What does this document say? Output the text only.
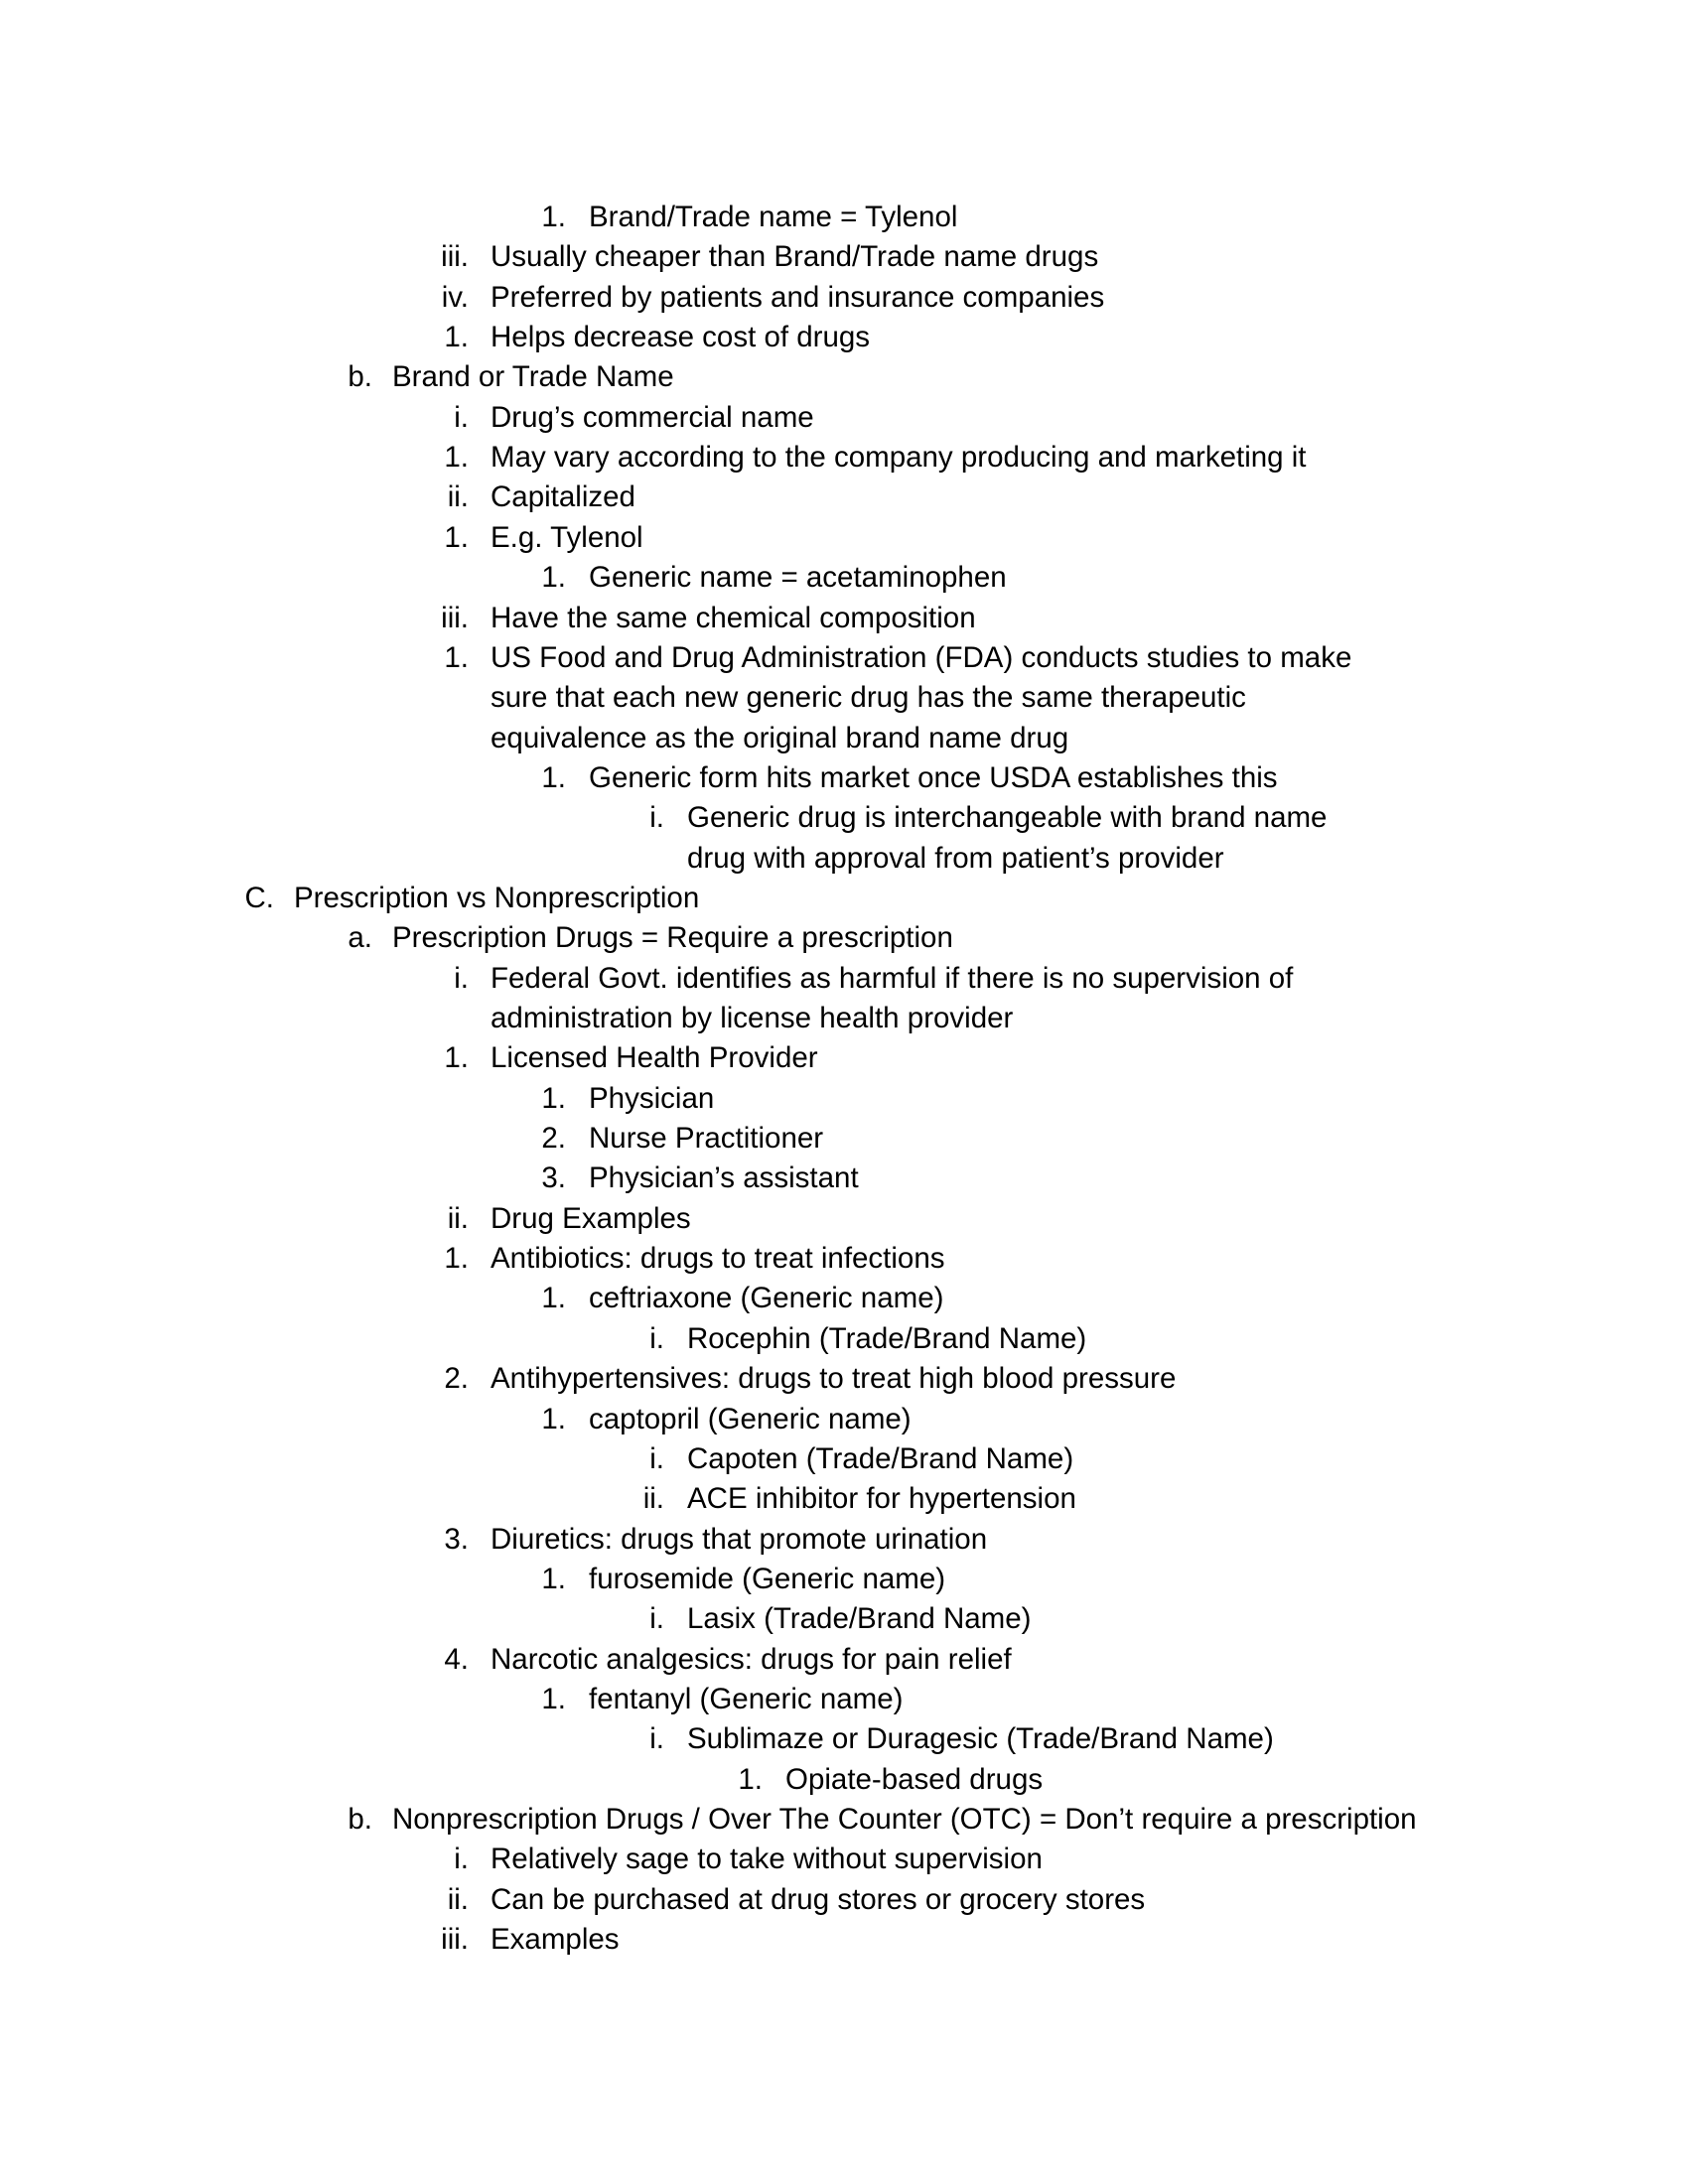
1. Brand/Trade name = Tylenol
iii. Usually cheaper than Brand/Trade name drugs
iv. Preferred by patients and insurance companies
1. Helps decrease cost of drugs
b. Brand or Trade Name
i. Drug’s commercial name
1. May vary according to the company producing and marketing it
ii. Capitalized
1. E.g. Tylenol
1. Generic name = acetaminophen
iii. Have the same chemical composition
1. US Food and Drug Administration (FDA) conducts studies to make
sure that each new generic drug has the same therapeutic
equivalence as the original brand name drug
1. Generic form hits market once USDA establishes this
i. Generic drug is interchangeable with brand name
drug with approval from patient’s provider
C. Prescription vs Nonprescription
a. Prescription Drugs = Require a prescription
i. Federal Govt. identifies as harmful if there is no supervision of
administration by license health provider
1. Licensed Health Provider
1. Physician
2. Nurse Practitioner
3. Physician’s assistant
ii. Drug Examples
1. Antibiotics: drugs to treat infections
1. ceftriaxone (Generic name)
i. Rocephin (Trade/Brand Name)
2. Antihypertensives: drugs to treat high blood pressure
1. captopril (Generic name)
i. Capoten (Trade/Brand Name)
ii. ACE inhibitor for hypertension
3. Diuretics: drugs that promote urination
1. furosemide (Generic name)
i. Lasix (Trade/Brand Name)
4. Narcotic analgesics: drugs for pain relief
1. fentanyl (Generic name)
i. Sublimaze or Duragesic (Trade/Brand Name)
1. Opiate-based drugs
b. Nonprescription Drugs / Over The Counter (OTC) = Don’t require a prescription
i. Relatively sage to take without supervision
ii. Can be purchased at drug stores or grocery stores
iii. Examples
